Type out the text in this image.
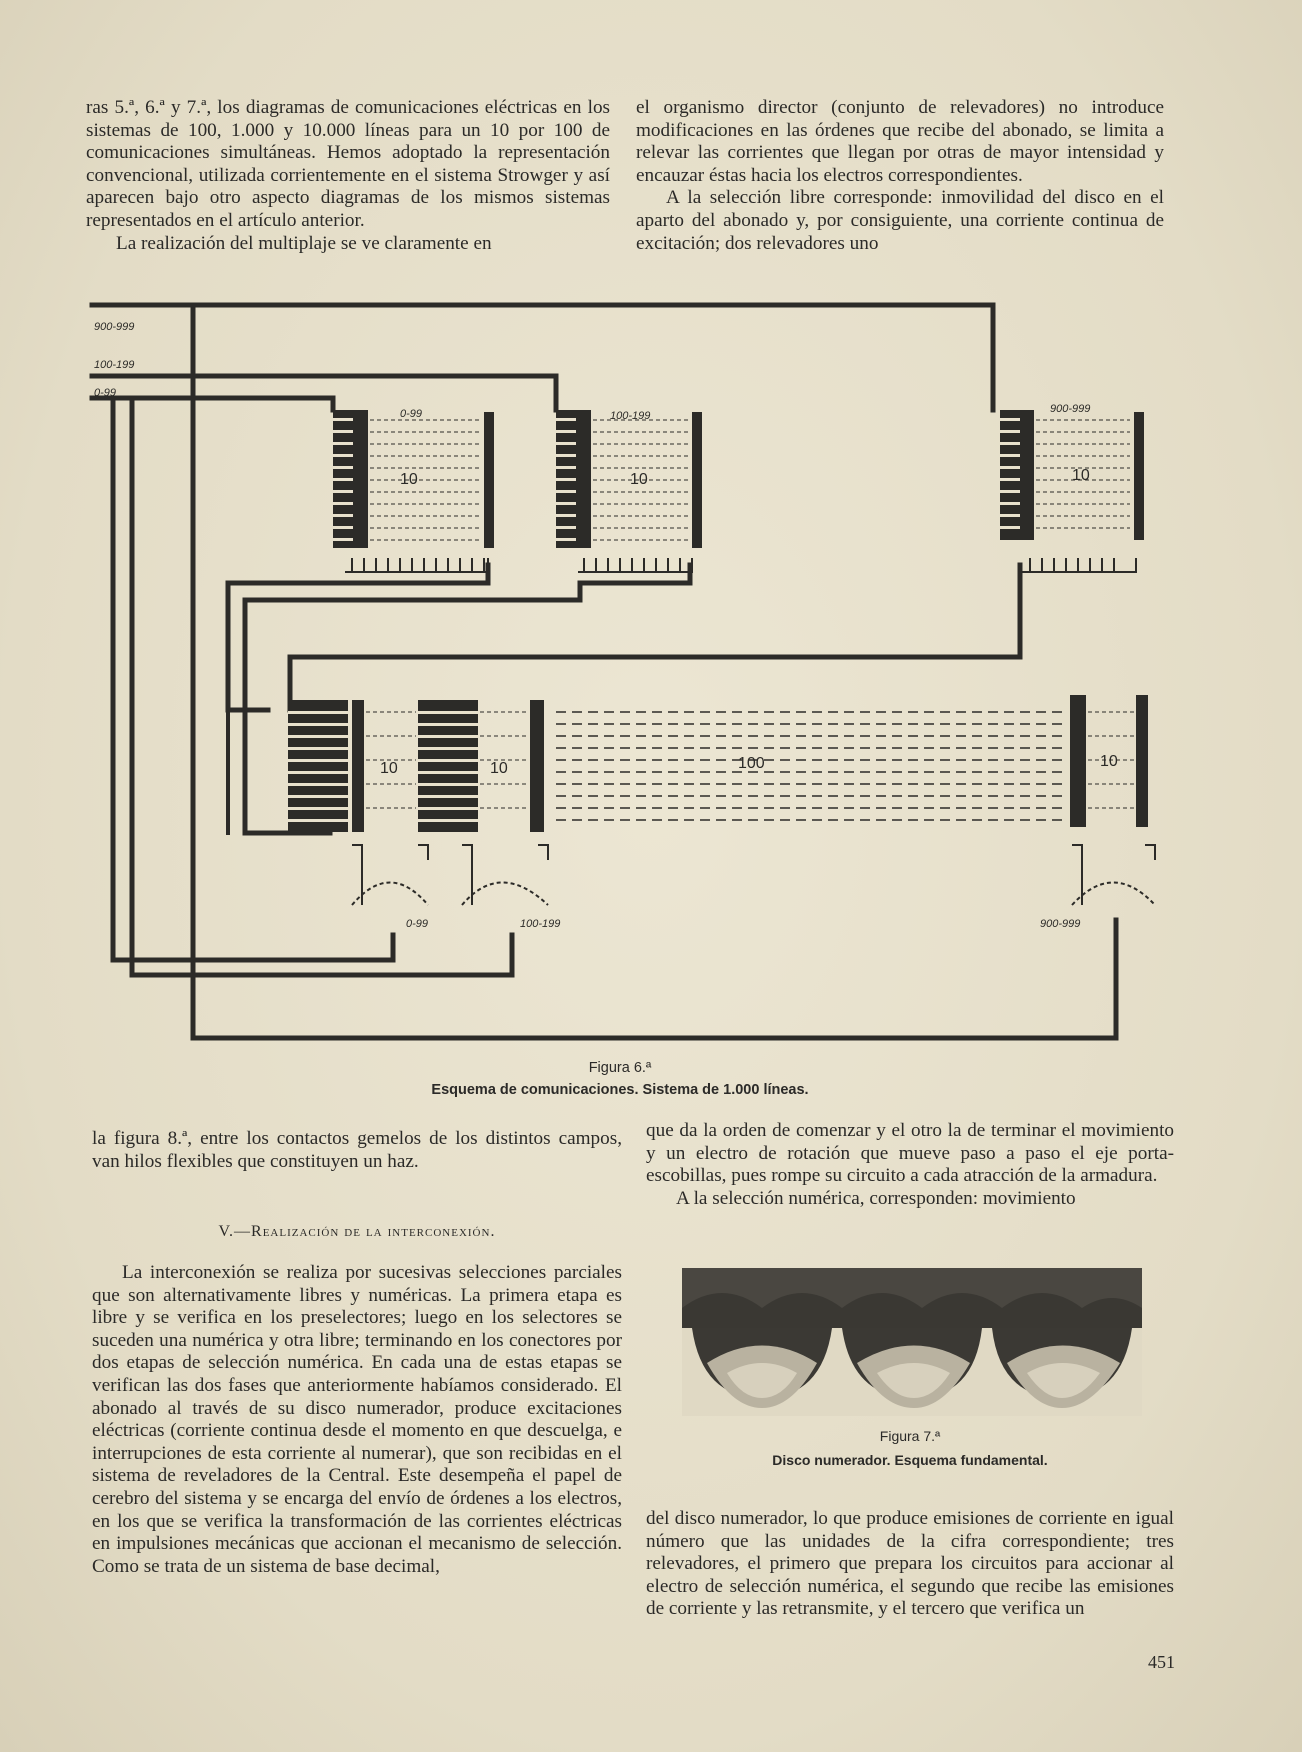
ras 5.ª, 6.ª y 7.ª, los diagramas de comunicaciones eléctricas en los sistemas de 100, 1.000 y 10.000 líneas para un 10 por 100 de comunicaciones simultáneas. Hemos adoptado la representación convencional, utilizada corrientemente en el sistema Strowger y así aparecen bajo otro aspecto diagramas de los mismos sistemas representados en el artículo anterior.

La realización del multiplaje se ve claramente en

el organismo director (conjunto de relevadores) no introduce modificaciones en las órdenes que recibe del abonado, se limita a relevar las corrientes que llegan por otras de mayor intensidad y encauzar éstas hacia los electros correspondientes.

A la selección libre corresponde: inmovilidad del disco en el aparto del abonado y, por consiguiente, una corriente continua de excitación; dos relevadores uno

900-999
100-199
0-99
0-99	100-199
900-999
0-99	100-199	900-999
10	10	10
10	10	100	10
Figura 6.ª
Esquema de comunicaciones. Sistema de 1.000 líneas.

la figura 8.ª, entre los contactos gemelos de los distintos campos, van hilos flexibles que constituyen un haz.

V.—Realización de la interconexión.

La interconexión se realiza por sucesivas selecciones parciales que son alternativamente libres y numéricas. La primera etapa es libre y se verifica en los preselectores; luego en los selectores se suceden una numérica y otra libre; terminando en los conectores por dos etapas de selección numérica. En cada una de estas etapas se verifican las dos fases que anteriormente habíamos considerado. El abonado al través de su disco numerador, produce excitaciones eléctricas (corriente continua desde el momento en que descuelga, e interrupciones de esta corriente al numerar), que son recibidas en el sistema de reveladores de la Central. Este desempeña el papel de cerebro del sistema y se encarga del envío de órdenes a los electros, en los que se verifica la transformación de las corrientes eléctricas en impulsiones mecánicas que accionan el mecanismo de selección. Como se trata de un sistema de base decimal,

que da la orden de comenzar y el otro la de terminar el movimiento y un electro de rotación que mueve paso a paso el eje porta-escobillas, pues rompe su circuito a cada atracción de la armadura.

A la selección numérica, corresponden: movimiento

Figura 7.ª
Disco numerador. Esquema fundamental.

del disco numerador, lo que produce emisiones de corriente en igual número que las unidades de la cifra correspondiente; tres relevadores, el primero que prepara los circuitos para accionar al electro de selección numérica, el segundo que recibe las emisiones de corriente y las retransmite, y el tercero que verifica un

451
